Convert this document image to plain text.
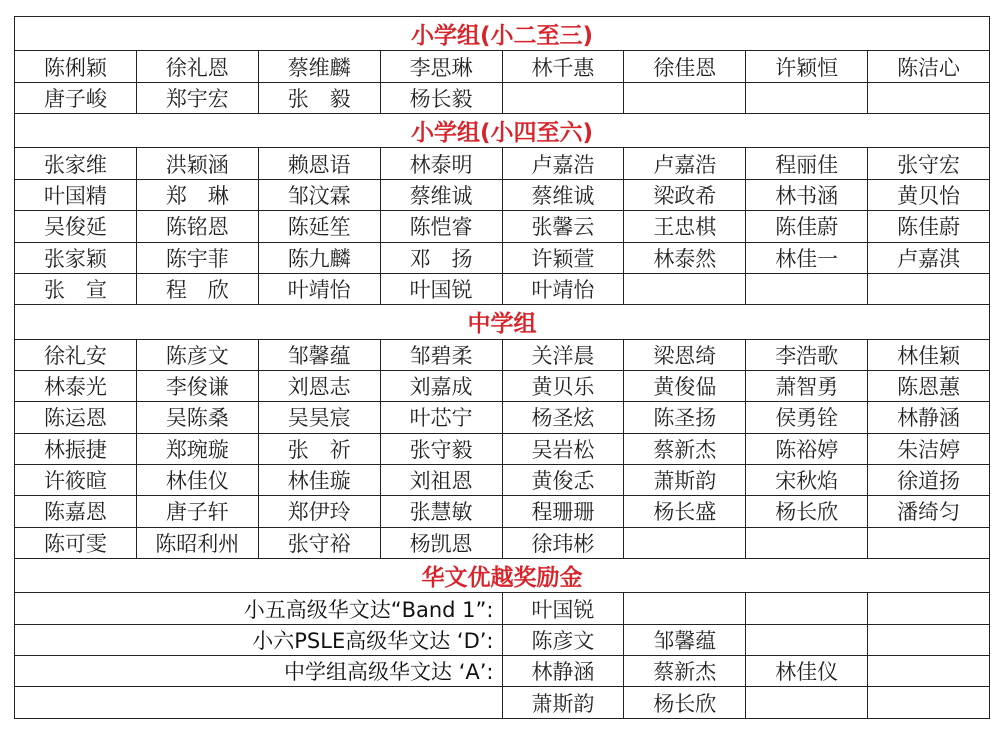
小学组(小二至三)							
陈俐颖	徐礼恩	蔡维麟	李思琳	林千惠	徐佳恩	许颖恒	陈洁心
唐子峻	郑宇宏	张　毅	杨长毅				
小学组(小四至六)							
张家维	洪颖涵	赖恩语	林泰明	卢嘉浩	卢嘉浩	程丽佳	张守宏
叶国精	郑　琳	邹汶霖	蔡维诚	蔡维诚	梁政希	林书涵	黄贝怡
吴俊延	陈铭恩	陈延笙	陈恺睿	张馨云	王忠棋	陈佳蔚	陈佳蔚
张家颖	陈宇菲	陈九麟	邓　扬	许颖萱	林泰然	林佳一	卢嘉淇
张　宣	程　欣	叶靖怡	叶国锐	叶靖怡			
中学组							
徐礼安	陈彦文	邹馨蕴	邹碧柔	关洋晨	梁恩绮	李浩歌	林佳颖
林泰光	李俊谦	刘恩志	刘嘉成	黄贝乐	黄俊偘	萧智勇	陈恩蕙
陈运恩	吴陈桑	吴昊宸	叶芯宁	杨圣炫	陈圣扬	侯勇铨	林静涵
林振捷	郑琬璇	张　祈	张守毅	吴岩松	蔡新杰	陈裕婷	朱洁婷
许筱暄	林佳仪	林佳璇	刘祖恩	黄俊忎	萧斯韵	宋秋焰	徐道扬
陈嘉恩	唐子轩	郑伊玲	张慧敏	程珊珊	杨长盛	杨长欣	潘绮匀
陈可雯	陈昭利州	张守裕	杨凯恩	徐玮彬			
华文优越奖励金							
小五高级华文达“Band 1”:				叶国锐			
小六PSLE高级华文达 ‘D’:				陈彦文	邹馨蕴		
中学组高级华文达 ‘A’:				林静涵	蔡新杰	林佳仪	
				萧斯韵	杨长欣		
